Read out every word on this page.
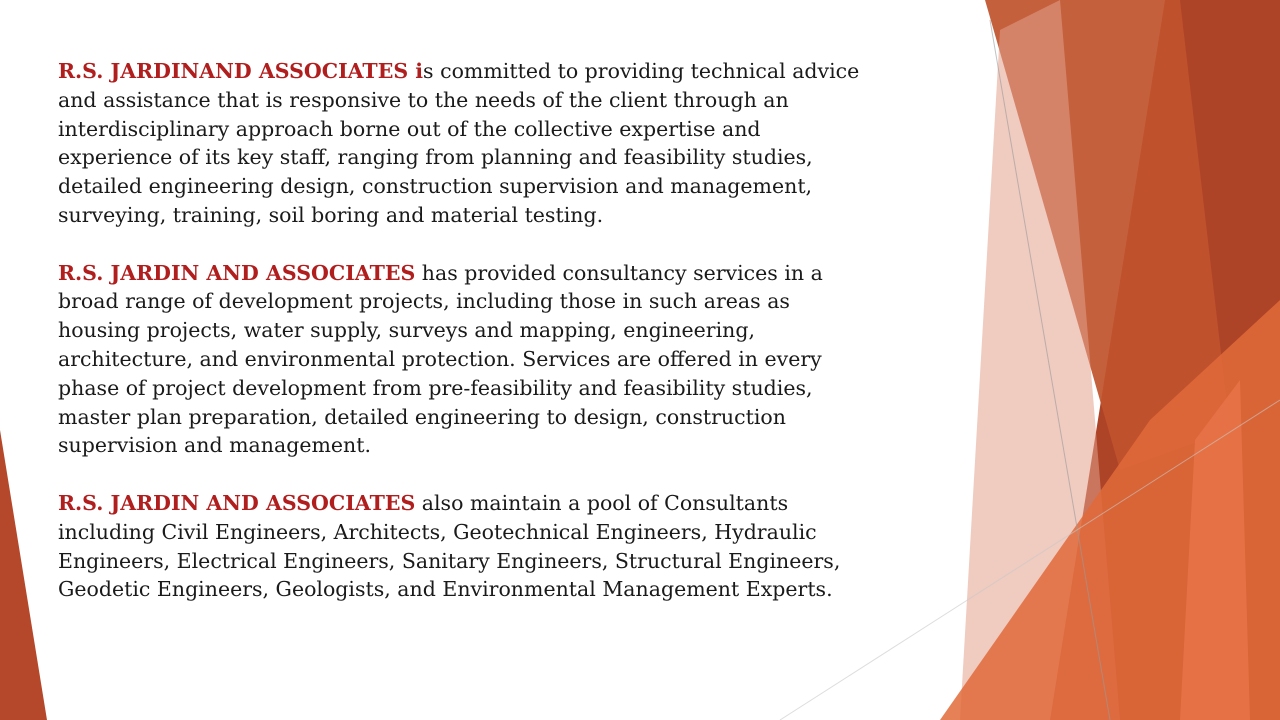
R.S. JARDINAND ASSOCIATES is committed to providing technical advice
and assistance that is responsive to the needs of the client through an
interdisciplinary approach borne out of the collective expertise and
experience of its key staff, ranging from planning and feasibility studies,
detailed engineering design, construction supervision and management,
surveying, training, soil boring and material testing.

R.S. JARDIN AND ASSOCIATES has provided consultancy services in a
broad range of development projects, including those in such areas as
housing projects, water supply, surveys and mapping, engineering,
architecture, and environmental protection. Services are offered in every
phase of project development from pre-feasibility and feasibility studies,
master plan preparation, detailed engineering to design, construction
supervision and management.

R.S. JARDIN AND ASSOCIATES also maintain a pool of Consultants
including Civil Engineers, Architects, Geotechnical Engineers, Hydraulic
Engineers, Electrical Engineers, Sanitary Engineers, Structural Engineers,
Geodetic Engineers, Geologists, and Environmental Management Experts.
